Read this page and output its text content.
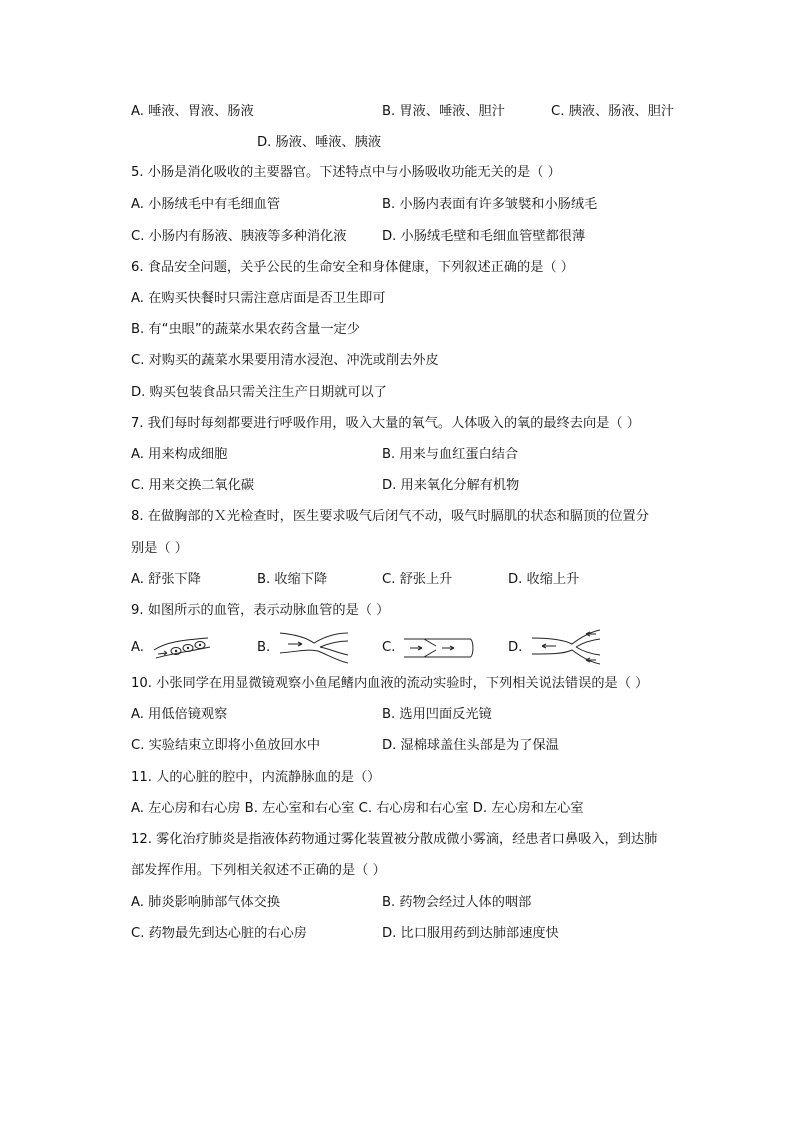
A. 唾液、胃液、肠液	B. 胃液、唾液、胆汁	C. 胰液、肠液、胆汁
D. 肠液、唾液、胰液
5. 小肠是消化吸收的主要器官。下述特点中与小肠吸收功能无关的是（ ）
A. 小肠绒毛中有毛细血管	B. 小肠内表面有许多皱襞和小肠绒毛
C. 小肠内有肠液、胰液等多种消化液	D. 小肠绒毛壁和毛细血管壁都很薄
6. 食品安全问题，关乎公民的生命安全和身体健康，下列叙述正确的是（ ）
A. 在购买快餐时只需注意店面是否卫生即可
B. 有“虫眼”的蔬菜水果农药含量一定少
C. 对购买的蔬菜水果要用清水浸泡、冲洗或削去外皮
D. 购买包装食品只需关注生产日期就可以了
7. 我们每时每刻都要进行呼吸作用，吸入大量的氧气。人体吸入的氧的最终去向是（ ）
A. 用来构成细胞	B. 用来与血红蛋白结合
C. 用来交换二氧化碳	D. 用来氧化分解有机物
8. 在做胸部的Ｘ光检查时，医生要求吸气后闭气不动，吸气时膈肌的状态和膈顶的位置分
别是（ ）
A. 舒张下降	B. 收缩下降	C. 舒张上升	D. 收缩上升
9. 如图所示的血管，表示动脉血管的是（ ）
A.	B.	C.	D.
10. 小张同学在用显微镜观察小鱼尾鳍内血液的流动实验时，下列相关说法错误的是（ ）
A. 用低倍镜观察	B. 选用凹面反光镜
C. 实验结束立即将小鱼放回水中	D. 湿棉球盖住头部是为了保温
11. 人的心脏的腔中，内流静脉血的是（）
A. 左心房和右心房 B. 左心室和右心室 C. 右心房和右心室 D. 左心房和左心室
12. 雾化治疗肺炎是指液体药物通过雾化装置被分散成微小雾滴，经患者口鼻吸入，到达肺
部发挥作用。下列相关叙述不正确的是（ ）
A. 肺炎影响肺部气体交换	B. 药物会经过人体的咽部
C. 药物最先到达心脏的右心房	D. 比口服用药到达肺部速度快
